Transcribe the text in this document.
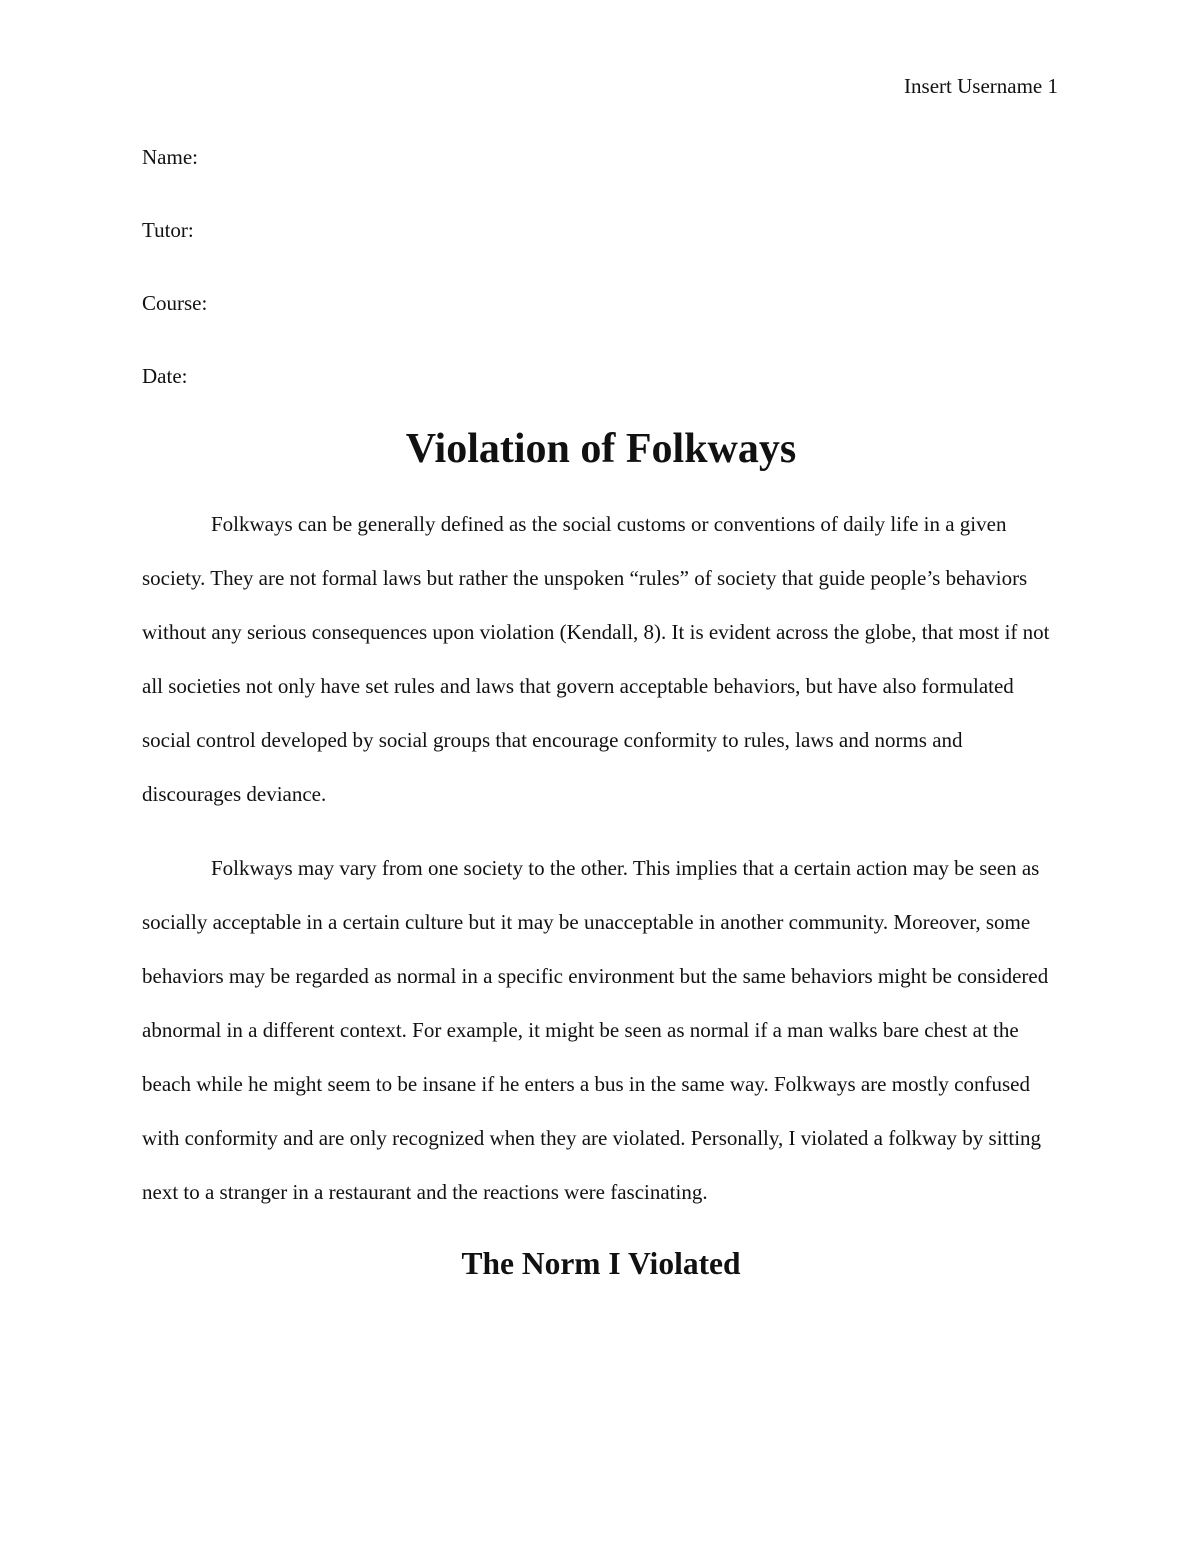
Insert Username 1

Name:

Tutor:

Course:

Date:

Violation of Folkways

Folkways can be generally defined as the social customs or conventions of daily life in a given society. They are not formal laws but rather the unspoken “rules” of society that guide people’s behaviors without any serious consequences upon violation (Kendall, 8). It is evident across the globe, that most if not all societies not only have set rules and laws that govern acceptable behaviors, but have also formulated social control developed by social groups that encourage conformity to rules, laws and norms and discourages deviance.

Folkways may vary from one society to the other. This implies that a certain action may be seen as socially acceptable in a certain culture but it may be unacceptable in another community. Moreover, some behaviors may be regarded as normal in a specific environment but the same behaviors might be considered abnormal in a different context. For example, it might be seen as normal if a man walks bare chest at the beach while he might seem to be insane if he enters a bus in the same way. Folkways are mostly confused with conformity and are only recognized when they are violated. Personally, I violated a folkway by sitting next to a stranger in a restaurant and the reactions were fascinating.

The Norm I Violated
